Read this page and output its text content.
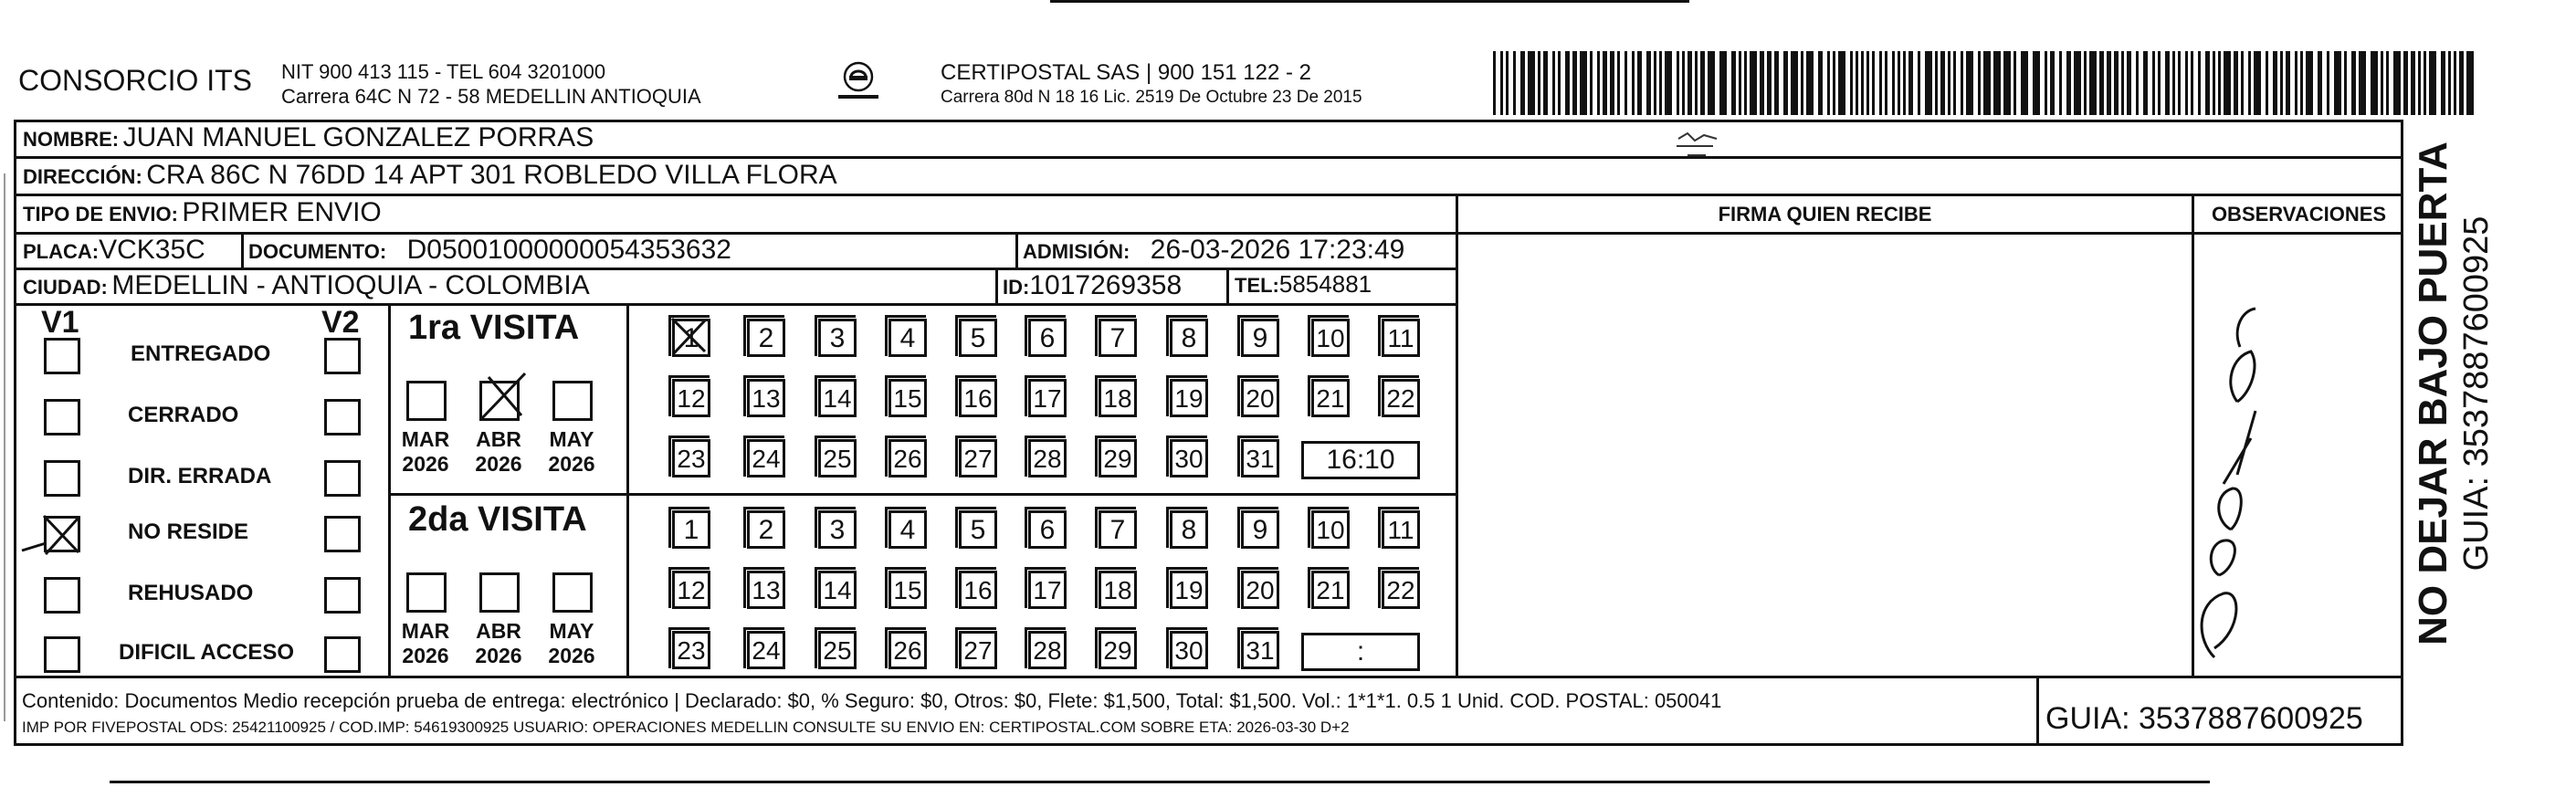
CONSORCIO ITS NIT 900 413 115 - TEL 604 3201000
Carrera 64C N 72 - 58 MEDELLIN ANTIOQUIA
CERTIPOSTAL SAS | 900 151 122 - 2
Carrera 80d N 18 16 Lic. 2519 De Octubre 23 De 2015
NOMBRE: JUAN MANUEL GONZALEZ PORRAS
DIRECCIÓN: CRA 86C N 76DD 14 APT 301 ROBLEDO VILLA FLORA
TIPO DE ENVIO: PRIMER ENVIO	FIRMA QUIEN RECIBE	OBSERVACIONES
PLACA:VCK35C DOCUMENTO: D05001000000054353632	ADMISIÓN: 26-03-2026 17:23:49
CIUDAD: MEDELLIN - ANTIOQUIA - COLOMBIA	ID:1017269358	TEL:5854881
V1	V2
ENTREGADO
CERRADO
DIR. ERRADA
NO RESIDE
REHUSADO
DIFICIL ACCESO
1ra VISITA
MAR
2026
ABR
2026
MAY
2026
1	2	3	4	5	6	7	8	9	10 11
12 13 14 15 16 17 18 19 20 21 22
23 24 25 26 27 28 29 30 31	16:10
2da VISITA
MAR
2026
ABR
2026
MAY
2026
1	2	3	4	5	6	7	8	9	10 11
12 13 14 15 16 17 18 19 20 21 22
23 24 25 26 27 28 29 30 31	:
Dnego	NO DEJAR BAJO PUERTA GUIA: 3537887600925
Contenido: Documentos Medio recepción prueba de entrega: electrónico | Declarado: $0, % Seguro: $0, Otros: $0, Flete: $1,500, Total: $1,500. Vol.: 1*1*1. 0.5 1 Unid. COD. POSTAL: 050041
IMP POR FIVEPOSTAL ODS: 25421100925 / COD.IMP: 54619300925 USUARIO: OPERACIONES MEDELLIN CONSULTE SU ENVIO EN: CERTIPOSTAL.COM SOBRE ETA: 2026-03-30 D+2	GUIA: 3537887600925
